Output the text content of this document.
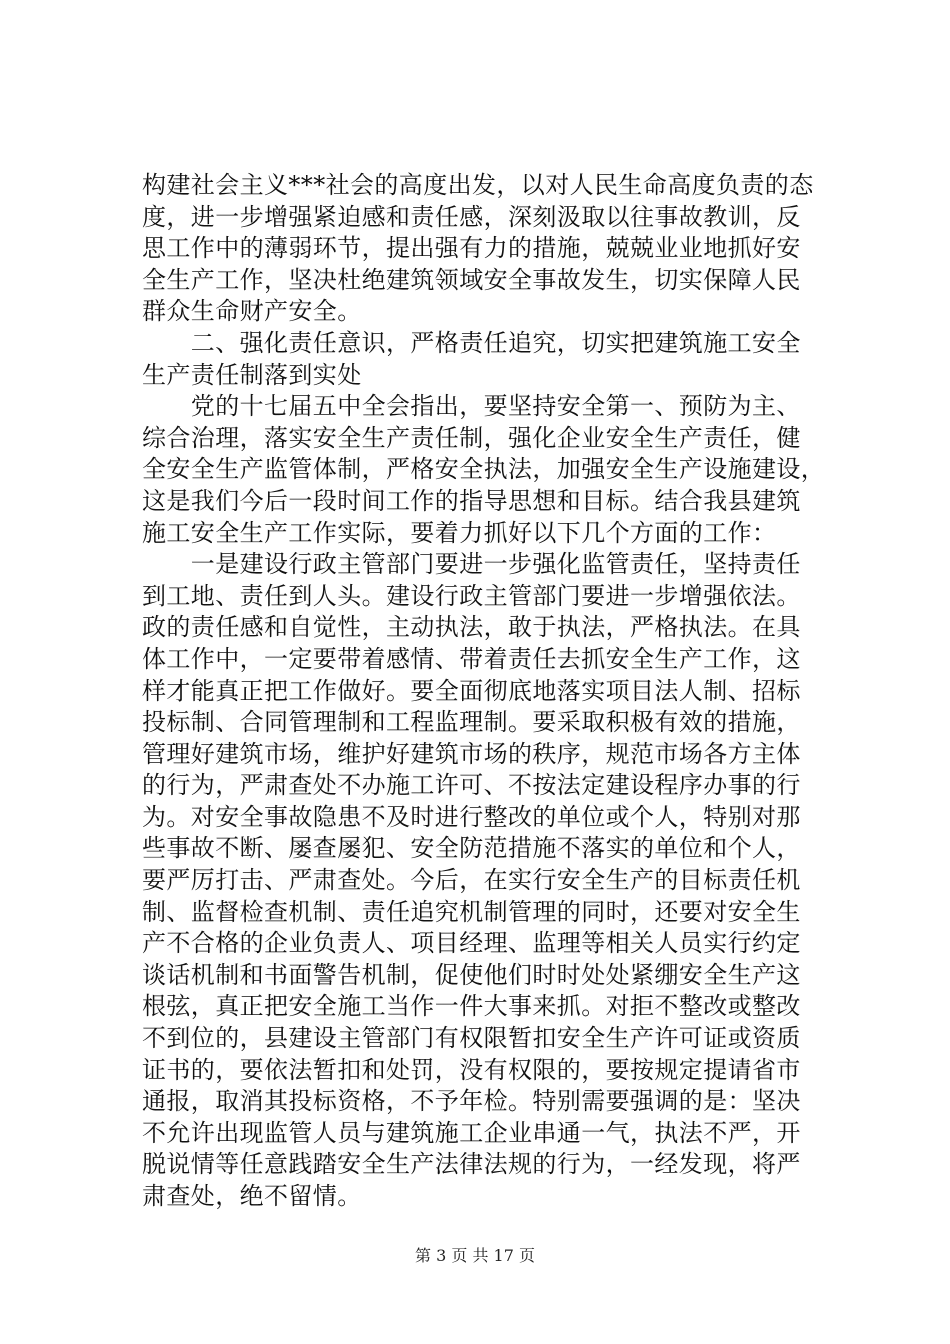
构建社会主义***社会的高度出发，以对人民生命高度负责的态
度，进一步增强紧迫感和责任感，深刻汲取以往事故教训，反
思工作中的薄弱环节，提出强有力的措施，兢兢业业地抓好安
全生产工作，坚决杜绝建筑领域安全事故发生，切实保障人民
群众生命财产安全。
　　二、强化责任意识，严格责任追究，切实把建筑施工安全
生产责任制落到实处
　　党的十七届五中全会指出，要坚持安全第一、预防为主、
综合治理，落实安全生产责任制，强化企业安全生产责任，健
全安全生产监管体制，严格安全执法，加强安全生产设施建设，
这是我们今后一段时间工作的指导思想和目标。结合我县建筑
施工安全生产工作实际，要着力抓好以下几个方面的工作：
　　一是建设行政主管部门要进一步强化监管责任，坚持责任
到工地、责任到人头。建设行政主管部门要进一步增强依法。
政的责任感和自觉性，主动执法，敢于执法，严格执法。在具
体工作中，一定要带着感情、带着责任去抓安全生产工作，这
样才能真正把工作做好。要全面彻底地落实项目法人制、招标
投标制、合同管理制和工程监理制。要采取积极有效的措施，
管理好建筑市场，维护好建筑市场的秩序，规范市场各方主体
的行为，严肃查处不办施工许可、不按法定建设程序办事的行
为。对安全事故隐患不及时进行整改的单位或个人，特别对那
些事故不断、屡查屡犯、安全防范措施不落实的单位和个人，
要严厉打击、严肃查处。今后，在实行安全生产的目标责任机
制、监督检查机制、责任追究机制管理的同时，还要对安全生
产不合格的企业负责人、项目经理、监理等相关人员实行约定
谈话机制和书面警告机制，促使他们时时处处紧绷安全生产这
根弦，真正把安全施工当作一件大事来抓。对拒不整改或整改
不到位的，县建设主管部门有权限暂扣安全生产许可证或资质
证书的，要依法暂扣和处罚，没有权限的，要按规定提请省市
通报，取消其投标资格，不予年检。特别需要强调的是：坚决
不允许出现监管人员与建筑施工企业串通一气，执法不严，开
脱说情等任意践踏安全生产法律法规的行为，一经发现，将严
肃查处，绝不留情。
第 3 页 共 17 页
